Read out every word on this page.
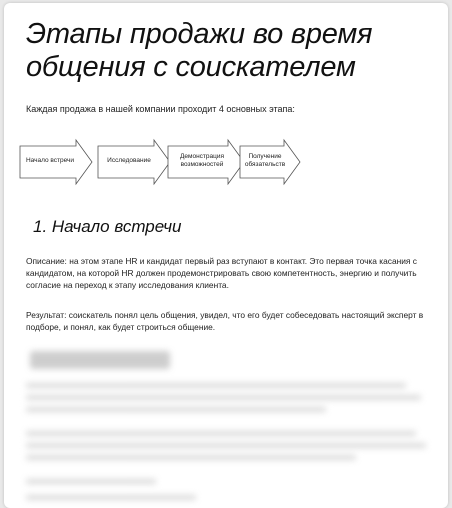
Этапы продажи во время общения с соискателем

Каждая продажа в нашей компании проходит 4 основных этапа:

Начало встречи	Исследование
Демонстрация возможностей
Получение обязательств
1. Начало встречи

Описание: на этом этапе HR и кандидат первый раз вступают в контакт. Это первая точка касания с кандидатом, на которой HR должен продемонстрировать свою компетентность, энергию и получить согласие на переход к этапу исследования клиента.

Результат: соискатель понял цель общения, увидел, что его будет собеседовать настоящий эксперт в подборе, и понял, как будет строиться общение.
